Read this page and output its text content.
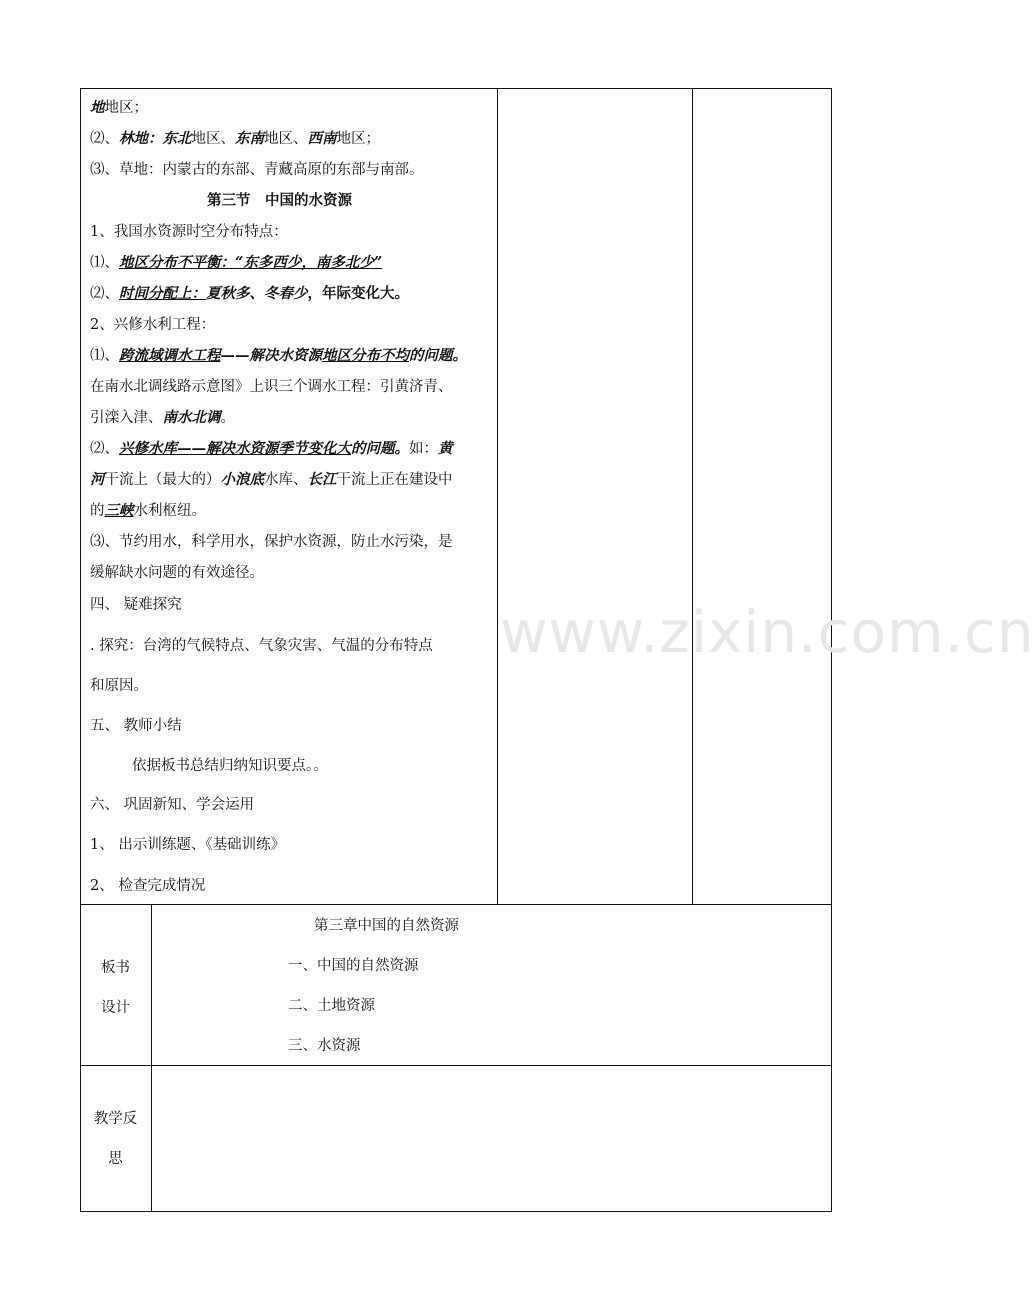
地地区；
⑵、林地：东北地区、东南地区、西南地区；
⑶、草地：内蒙古的东部、青藏高原的东部与南部。
第三节　中国的水资源
1、我国水资源时空分布特点：
⑴、地区分布不平衡：“东多西少，南多北少”
⑵、时间分配上：夏秋多、冬春少，年际变化大。
2、兴修水利工程：
⑴、跨流域调水工程——解决水资源地区分布不均的问题。
在南水北调线路示意图》上识三个调水工程：引黄济青、
引滦入津、南水北调。
⑵、兴修水库——解决水资源季节变化大的问题。如：黄
河干流上（最大的）小浪底水库、长江干流上正在建设中
的三峡水利枢纽。
⑶、节约用水，科学用水，保护水资源，防止水污染，是
缓解缺水问题的有效途径。
四、 疑难探究
. 探究：台湾的气候特点、气象灾害、气温的分布特点
和原因。
五、 教师小结
依据板书总结归纳知识要点。。
六、 巩固新知、学会运用
1、 出示训练题、《基础训练》
2、 检查完成情况
板书
设计
第三章中国的自然资源
一、中国的自然资源
二、土地资源
三、水资源
教学反
思
www.zixin.com.cn
